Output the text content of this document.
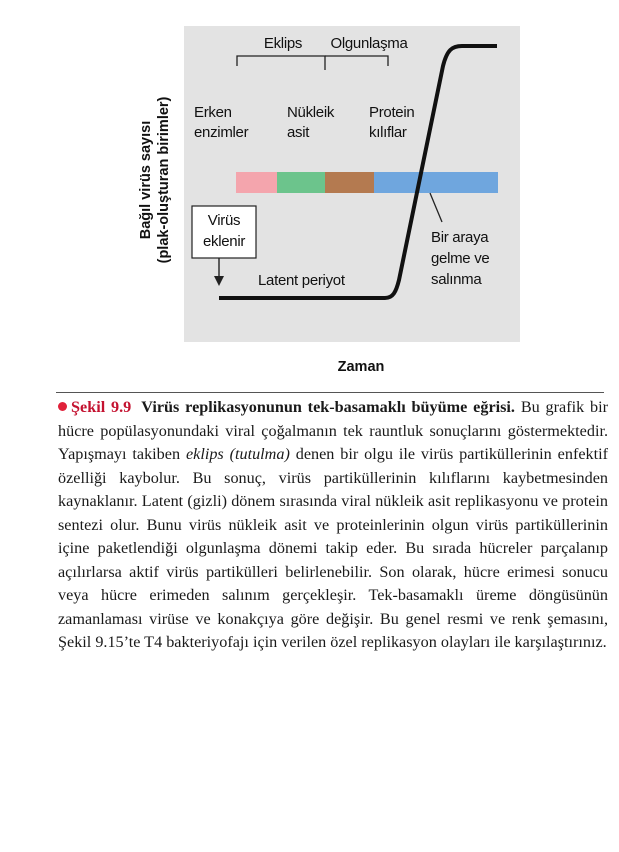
Bağıl virüs sayısı (plak-oluşturan birimler)
Zaman
Eklips Olgunlaşma
Erken
enzimler
Nükleik
asit
Protein
kılıflar
Virüs
eklenir
Latent periyot
Bir araya
gelme ve
salınma
Şekil 9.9 Virüs replikasyonunun tek-basamaklı büyüme eğrisi. Bu grafik bir hücre popülasyonundaki viral çoğalmanın tek rauntluk sonuçlarını göstermektedir. Yapışmayı takiben eklips (tutulma) denen bir olgu ile virüs partiküllerinin enfektif özelliği kaybolur. Bu sonuç, virüs partiküllerinin kılıflarını kaybetmesinden kaynaklanır. Latent (gizli) dönem sırasında viral nükleik asit replikasyonu ve protein sentezi olur. Bunu virüs nükleik asit ve proteinlerinin olgun virüs partiküllerinin içine paketlendiği olgunlaşma dönemi takip eder. Bu sırada hücreler parçalanıp açılırlarsa aktif virüs partikülleri belirlenebilir. Son olarak, hücre erimesi sonucu veya hücre erimeden salınım gerçekleşir. Tek-basamaklı üreme döngüsünün zamanlaması virüse ve konakçıya göre değişir. Bu genel resmi ve renk şemasını, Şekil 9.15’te T4 bakteriyofajı için verilen özel replikasyon olayları ile karşılaştırınız.
